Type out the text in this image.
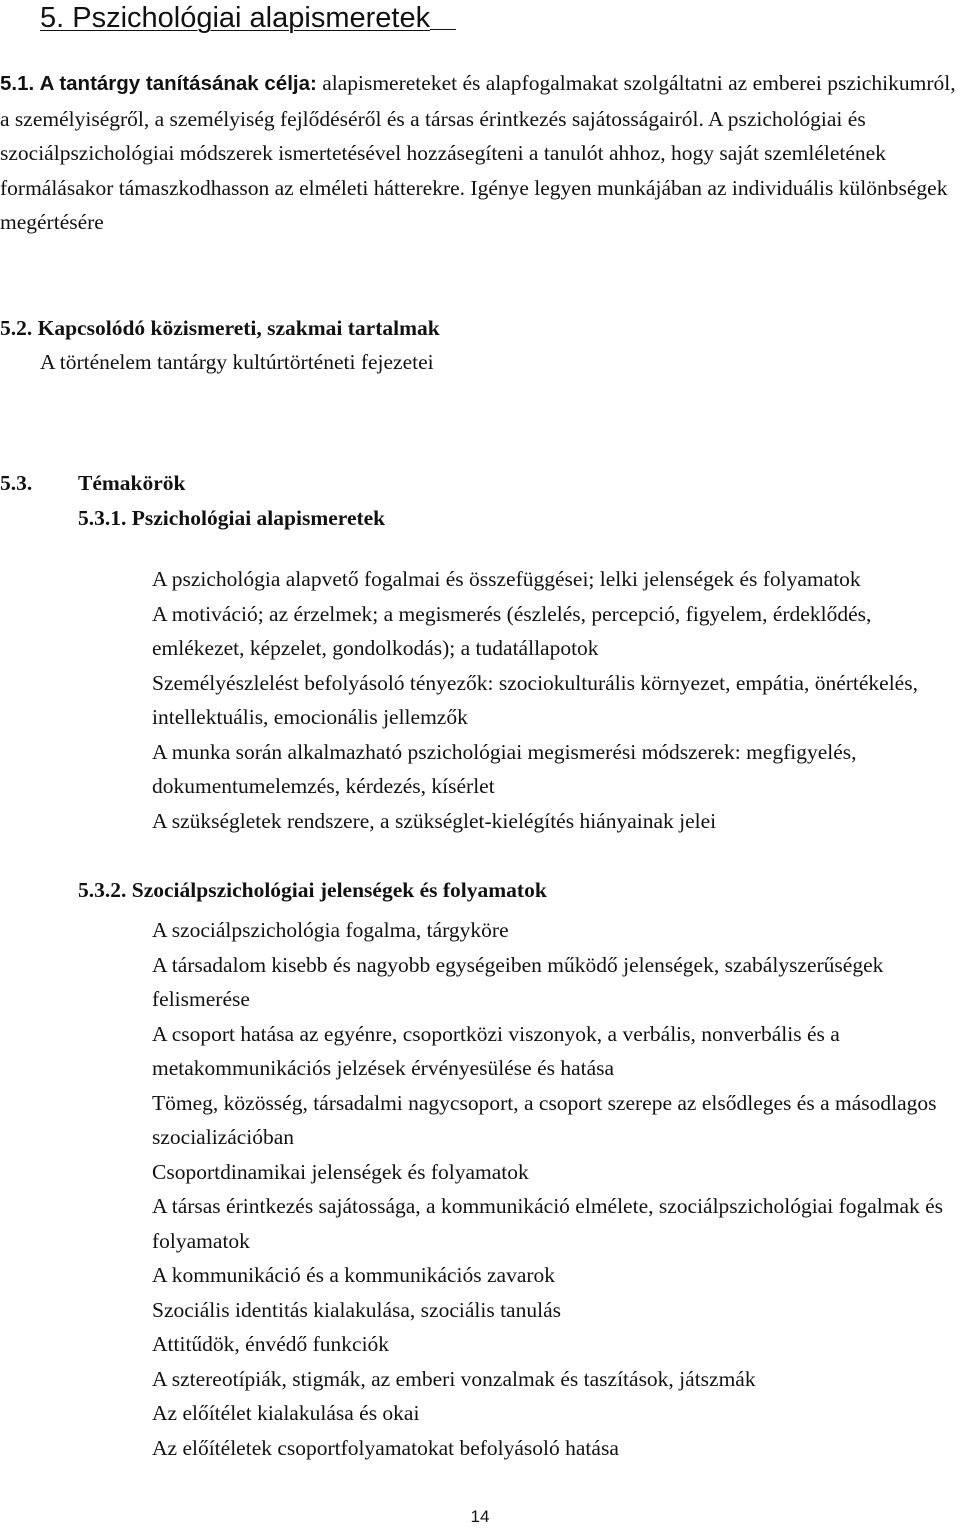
5. Pszichológiai alapismeretek

5.1. A tantárgy tanításának célja: alapismereteket és alapfogalmakat szolgáltatni az emberei pszichikumról, a személyiségről, a személyiség fejlődéséről és a társas érintkezés sajátosságairól. A pszichológiai és szociálpszichológiai módszerek ismertetésével hozzásegíteni a tanulót ahhoz, hogy saját szemléletének formálásakor támaszkodhasson az elméleti hátterekre. Igénye legyen munkájában az individuális különbségek megértésére

5.2. Kapcsolódó közismereti, szakmai tartalmak
A történelem tantárgy kultúrtörténeti fejezetei
5.3. Témakörök
5.3.1. Pszichológiai alapismeretek
A pszichológia alapvető fogalmai és összefüggései; lelki jelenségek és folyamatok
A motiváció; az érzelmek; a megismerés (észlelés, percepció, figyelem, érdeklődés, emlékezet, képzelet, gondolkodás); a tudatállapotok
Személyészlelést befolyásoló tényezők: szociokulturális környezet, empátia, önértékelés, intellektuális, emocionális jellemzők
A munka során alkalmazható pszichológiai megismerési módszerek: megfigyelés, dokumentumelemzés, kérdezés, kísérlet
A szükségletek rendszere, a szükséglet-kielégítés hiányainak jelei
5.3.2. Szociálpszichológiai jelenségek és folyamatok
A szociálpszichológia fogalma, tárgyköre
A társadalom kisebb és nagyobb egységeiben működő jelenségek, szabályszerűségek felismerése
A csoport hatása az egyénre, csoportközi viszonyok, a verbális, nonverbális és a metakommunikációs jelzések érvényesülése és hatása
Tömeg, közösség, társadalmi nagycsoport, a csoport szerepe az elsődleges és a másodlagos szocializációban
Csoportdinamikai jelenségek és folyamatok
A társas érintkezés sajátossága, a kommunikáció elmélete, szociálpszichológiai fogalmak és folyamatok
A kommunikáció és a kommunikációs zavarok
Szociális identitás kialakulása, szociális tanulás
Attitűdök, énvédő funkciók
A sztereotípiák, stigmák, az emberi vonzalmak és taszítások, játszmák
Az előítélet kialakulása és okai
Az előítéletek csoportfolyamatokat befolyásoló hatása
14
